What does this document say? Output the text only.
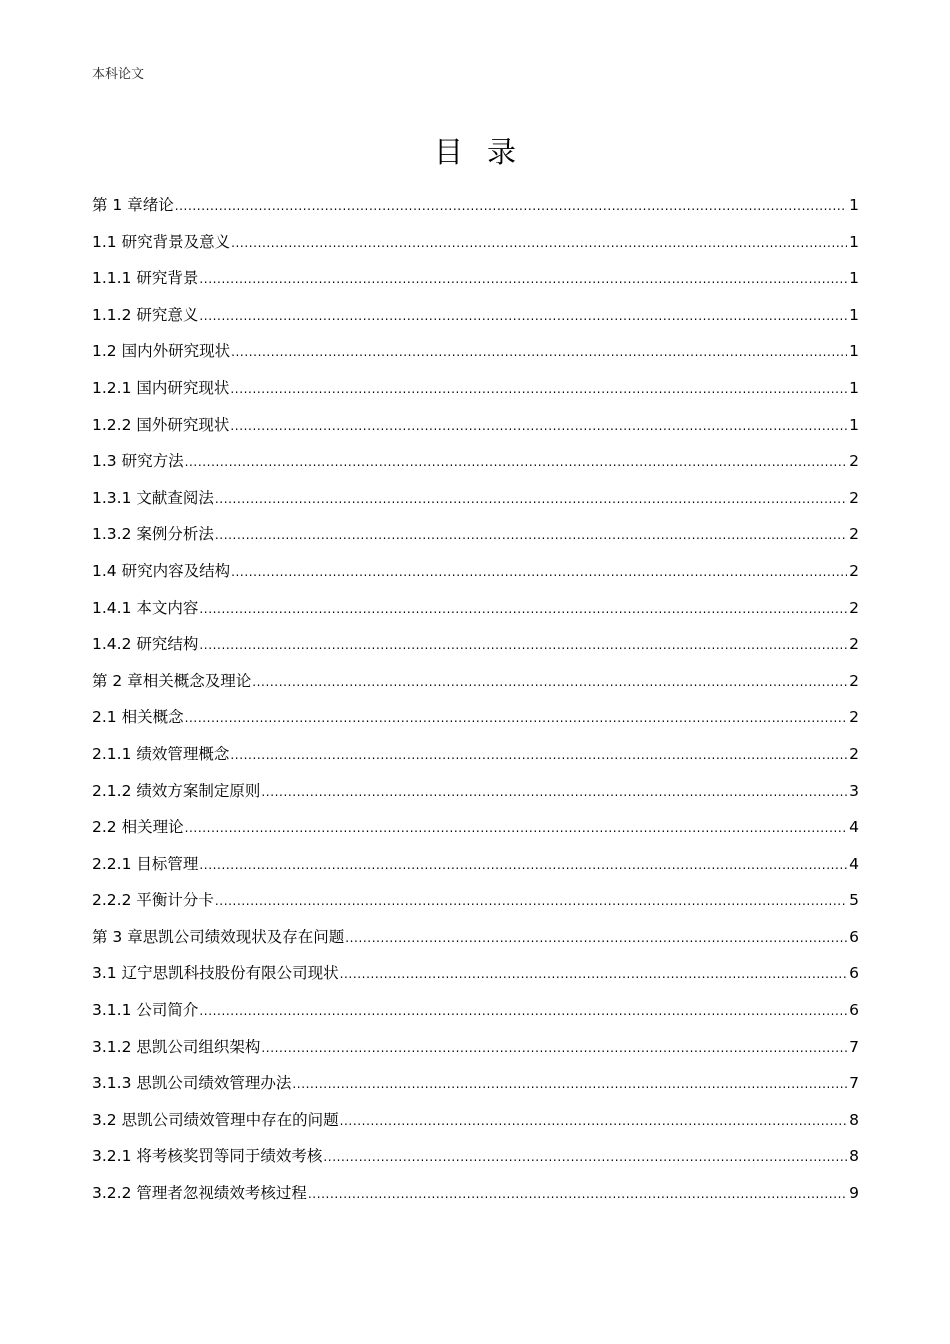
本科论文
目录
第 1 章绪论 .....	1
1.1 研究背景及意义 .....	1
1.1.1 研究背景 .....	1
1.1.2 研究意义 .....	1
1.2 国内外研究现状 .....	1
1.2.1 国内研究现状 .....	1
1.2.2 国外研究现状 .....	1
1.3 研究方法 .....	2
1.3.1 文献查阅法 .....	2
1.3.2 案例分析法 .....	2
1.4 研究内容及结构 .....	2
1.4.1 本文内容 .....	2
1.4.2 研究结构 .....	2
第 2 章相关概念及理论 .....	2
2.1 相关概念 .....	2
2.1.1 绩效管理概念 .....	2
2.1.2 绩效方案制定原则 .....	3
2.2 相关理论 .....	4
2.2.1 目标管理 .....	4
2.2.2 平衡计分卡 .....	5
第 3 章思凯公司绩效现状及存在问题 .....	6
3.1 辽宁思凯科技股份有限公司现状 .....	6
3.1.1 公司简介 .....	6
3.1.2 思凯公司组织架构 .....	7
3.1.3 思凯公司绩效管理办法 .....	7
3.2 思凯公司绩效管理中存在的问题 .....	8
3.2.1 将考核奖罚等同于绩效考核 .....	8
3.2.2 管理者忽视绩效考核过程 .....	9
